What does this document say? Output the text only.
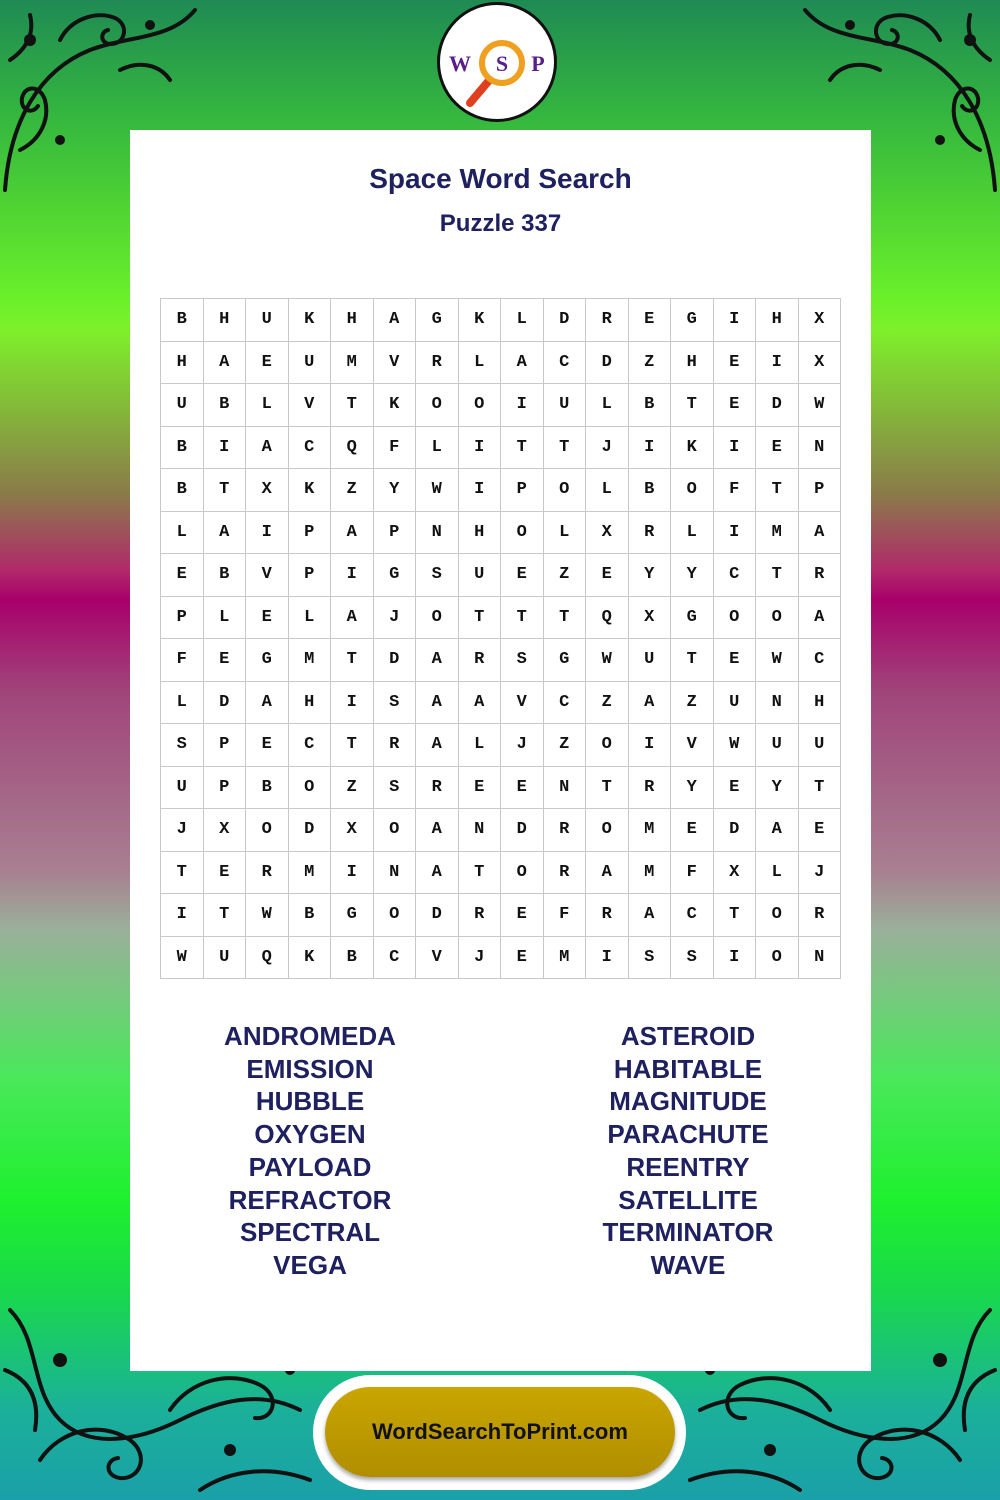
W S P
Space Word Search
Puzzle 337
B	H	U	K	H	A	G	K	L	D	R	E	G	I	H	X
H	A	E	U	M	V	R	L	A	C	D	Z	H	E	I	X
U	B	L	V	T	K	O	O	I	U	L	B	T	E	D	W
B	I	A	C	Q	F	L	I	T	T	J	I	K	I	E	N
B	T	X	K	Z	Y	W	I	P	O	L	B	O	F	T	P
L	A	I	P	A	P	N	H	O	L	X	R	L	I	M	A
E	B	V	P	I	G	S	U	E	Z	E	Y	Y	C	T	R
P	L	E	L	A	J	O	T	T	T	Q	X	G	O	O	A
F	E	G	M	T	D	A	R	S	G	W	U	T	E	W	C
L	D	A	H	I	S	A	A	V	C	Z	A	Z	U	N	H
S	P	E	C	T	R	A	L	J	Z	O	I	V	W	U	U
U	P	B	O	Z	S	R	E	E	N	T	R	Y	E	Y	T
J	X	O	D	X	O	A	N	D	R	O	M	E	D	A	E
T	E	R	M	I	N	A	T	O	R	A	M	F	X	L	J
I	T	W	B	G	O	D	R	E	F	R	A	C	T	O	R
W	U	Q	K	B	C	V	J	E	M	I	S	S	I	O	N
ANDROMEDA
EMISSION
HUBBLE
OXYGEN
PAYLOAD
REFRACTOR
SPECTRAL
VEGA
ASTEROID
HABITABLE
MAGNITUDE
PARACHUTE
REENTRY
SATELLITE
TERMINATOR
WAVE
WordSearchToPrint.com
